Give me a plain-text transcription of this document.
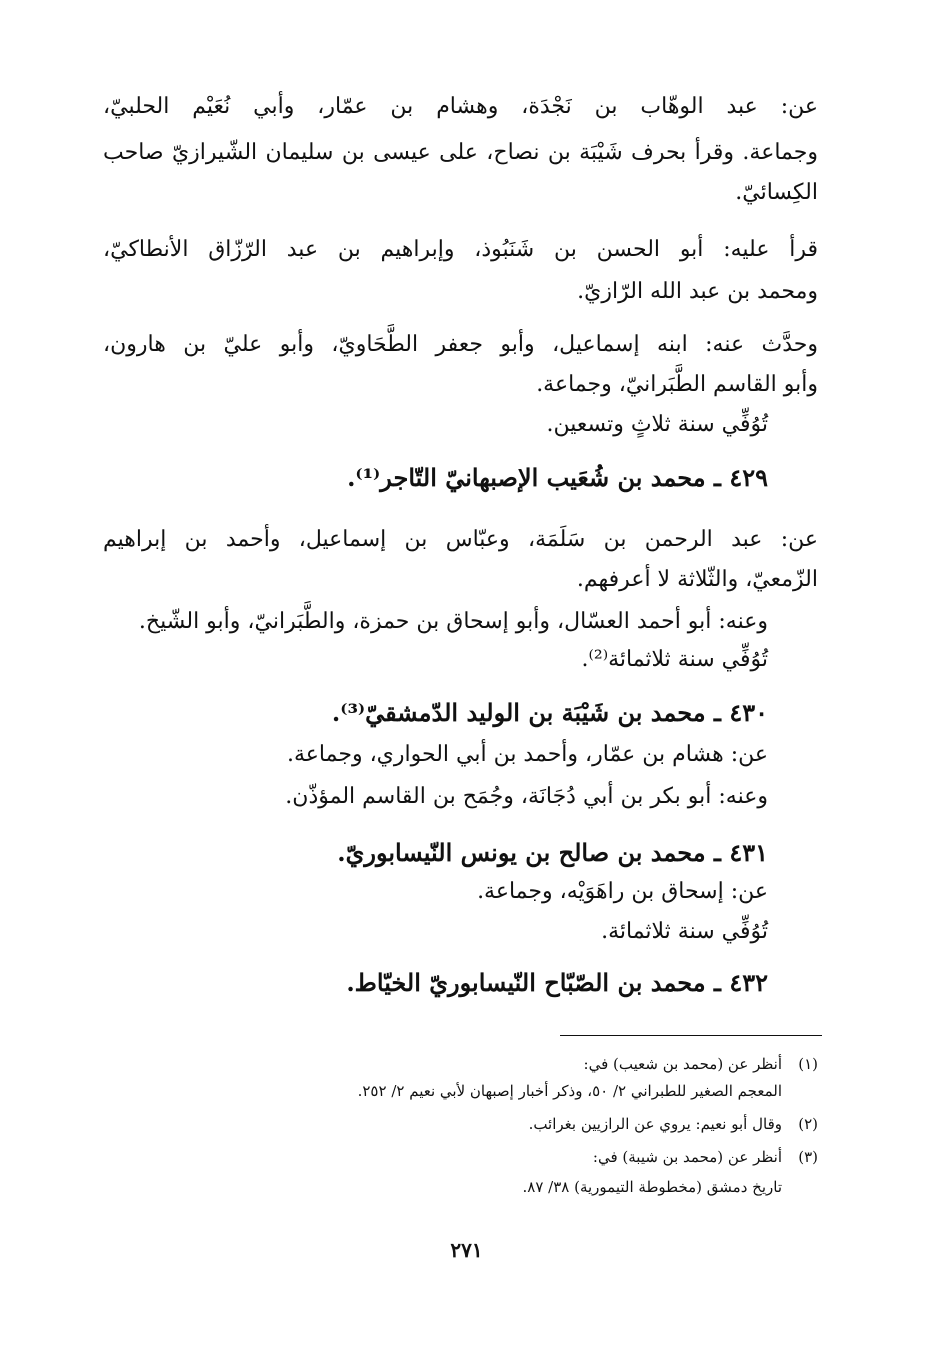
عن: عبد الوهّاب بن نَجْدَة، وهشام بن عمّار، وأبي نُعَيْم الحلبيّ،
وجماعة. وقرأ بحرف شَيْبَة بن نصاح، على عيسى بن سليمان الشّيرازيّ صاحب
الكِسائيّ.
قرأ عليه: أبو الحسن بن شَنَبُوذ، وإبراهيم بن عبد الرّزّاق الأنطاكيّ،
ومحمد بن عبد الله الرّازيّ.
وحدَّث عنه: ابنه إسماعيل، وأبو جعفر الطَّحَاويّ، وأبو عليّ بن هارون،
وأبو القاسم الطَّبَرانيّ، وجماعة.
تُوُفِّي سنة ثلاثٍ وتسعين.
٤٢٩ ـ محمد بن شُعَيب الإصبهانيّ التّاجر⁽¹⁾.
عن: عبد الرحمن بن سَلَمَة، وعبّاس بن إسماعيل، وأحمد بن إبراهيم
الزّمعيّ، والثّلاثة لا أعرفهم.
وعنه: أبو أحمد العسّال، وأبو إسحاق بن حمزة، والطَّبَرانيّ، وأبو الشّيخ.
تُوُفِّي سنة ثلاثمائة⁽²⁾.
٤٣٠ ـ محمد بن شَيْبَة بن الوليد الدّمشقيّ⁽³⁾.
عن: هشام بن عمّار، وأحمد بن أبي الحواري، وجماعة.
وعنه: أبو بكر بن أبي دُجَانَة، وجُمَح بن القاسم المؤذّن.
٤٣١ ـ محمد بن صالح بن يونس النّيسابوريّ.
عن: إسحاق بن راهَوَيْه، وجماعة.
تُوُفِّي سنة ثلاثمائة.
٤٣٢ ـ محمد بن الصّبّاح النّيسابوريّ الخيّاط.
(١)أنظر عن (محمد بن شعيب) في:
المعجم الصغير للطبراني ٢/ ٥٠، وذكر أخبار إصبهان لأبي نعيم ٢/ ٢٥٢.
(٢)وقال أبو نعيم: يروي عن الرازيين بغرائب.
(٣)أنظر عن (محمد بن شيبة) في:
تاريخ دمشق (مخطوطة التيمورية) ٣٨/ ٨٧.
٢٧١
